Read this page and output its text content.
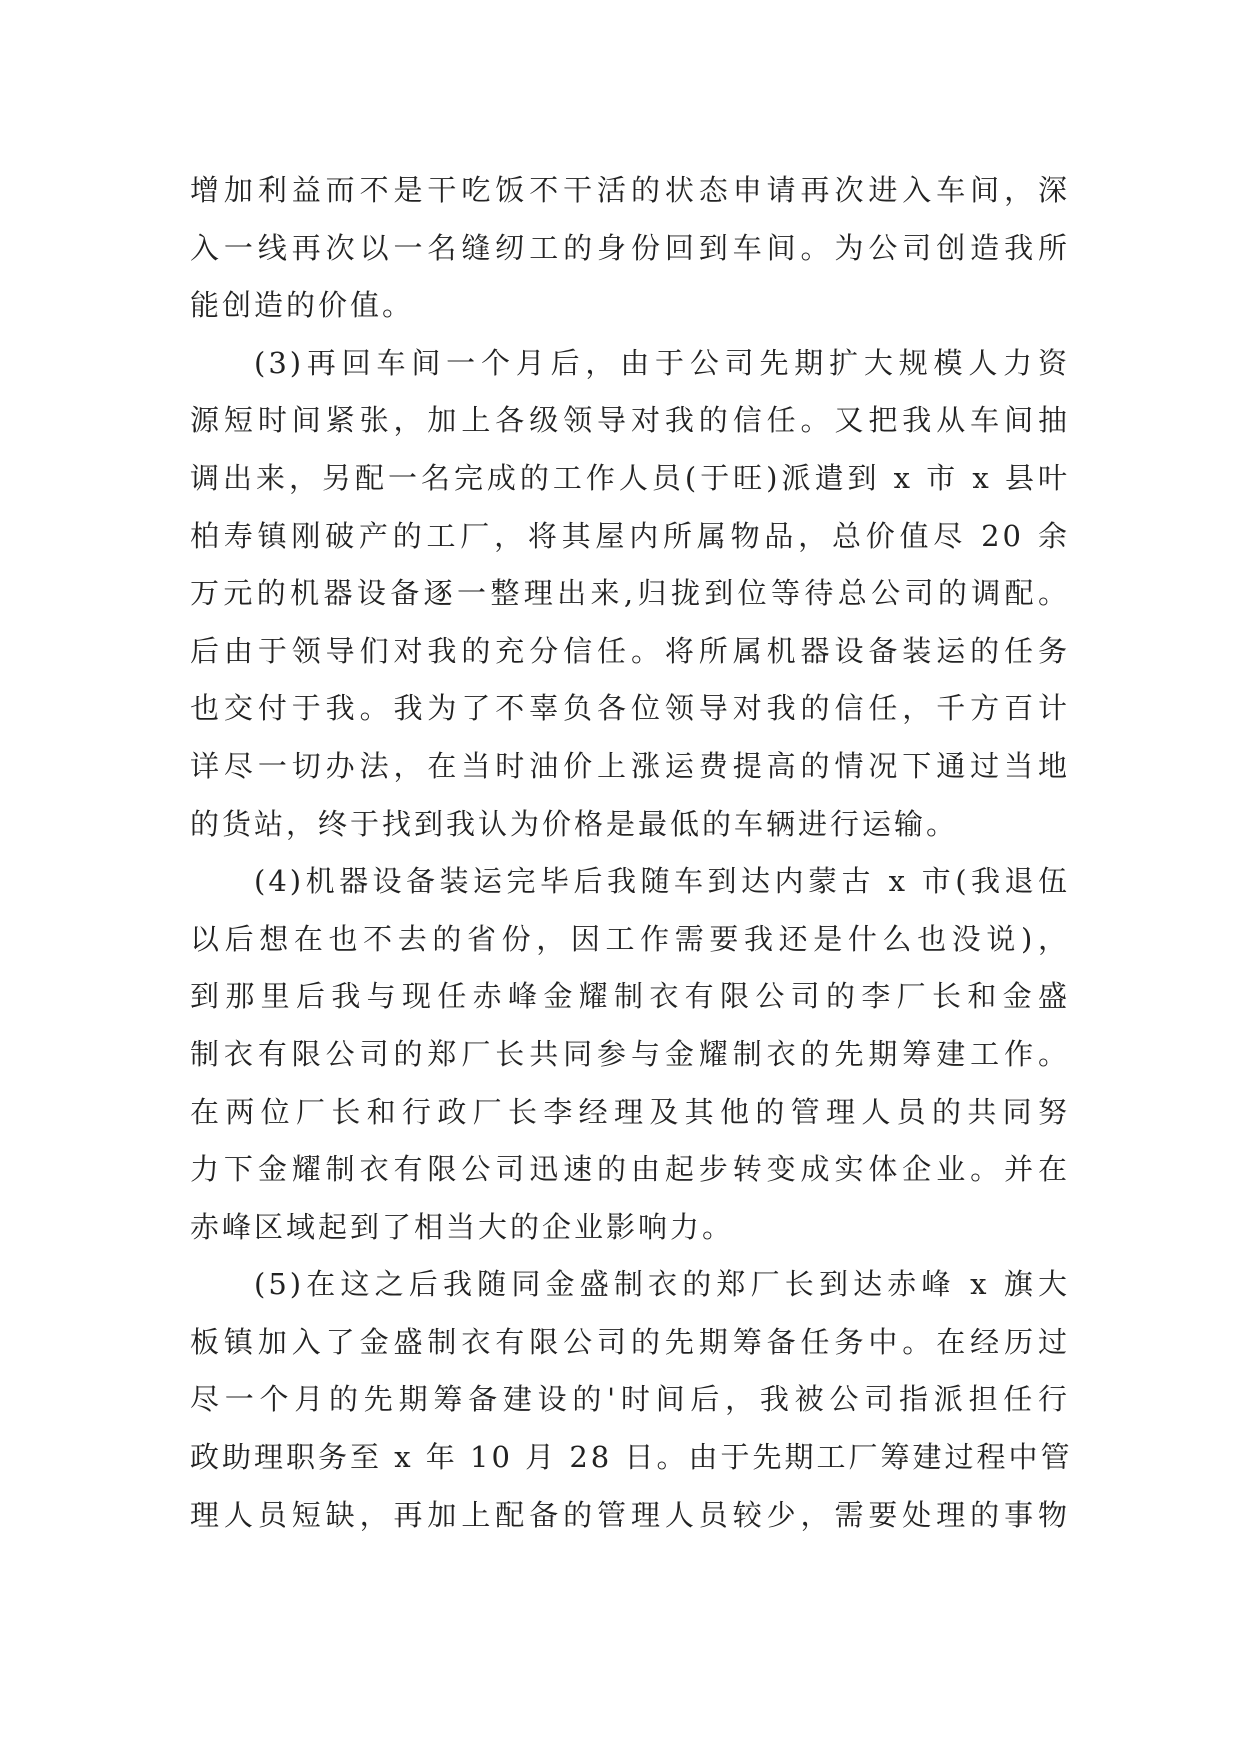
增加利益而不是干吃饭不干活的状态申请再次进入车间，深
入一线再次以一名缝纫工的身份回到车间。为公司创造我所
能创造的价值。
(3)再回车间一个月后，由于公司先期扩大规模人力资
源短时间紧张，加上各级领导对我的信任。又把我从车间抽
调出来，另配一名完成的工作人员(于旺)派遣到 x 市 x 县叶
柏寿镇刚破产的工厂，将其屋内所属物品，总价值尽 20 余
万元的机器设备逐一整理出来,归拢到位等待总公司的调配。
后由于领导们对我的充分信任。将所属机器设备装运的任务
也交付于我。我为了不辜负各位领导对我的信任，千方百计
详尽一切办法，在当时油价上涨运费提高的情况下通过当地
的货站，终于找到我认为价格是最低的车辆进行运输。
(4)机器设备装运完毕后我随车到达内蒙古 x 市(我退伍
以后想在也不去的省份，因工作需要我还是什么也没说)，
到那里后我与现任赤峰金耀制衣有限公司的李厂长和金盛
制衣有限公司的郑厂长共同参与金耀制衣的先期筹建工作。
在两位厂长和行政厂长李经理及其他的管理人员的共同努
力下金耀制衣有限公司迅速的由起步转变成实体企业。并在
赤峰区域起到了相当大的企业影响力。
(5)在这之后我随同金盛制衣的郑厂长到达赤峰 x 旗大
板镇加入了金盛制衣有限公司的先期筹备任务中。在经历过
尽一个月的先期筹备建设的'时间后，我被公司指派担任行
政助理职务至 x 年 10 月 28 日。由于先期工厂筹建过程中管
理人员短缺，再加上配备的管理人员较少，需要处理的事物
